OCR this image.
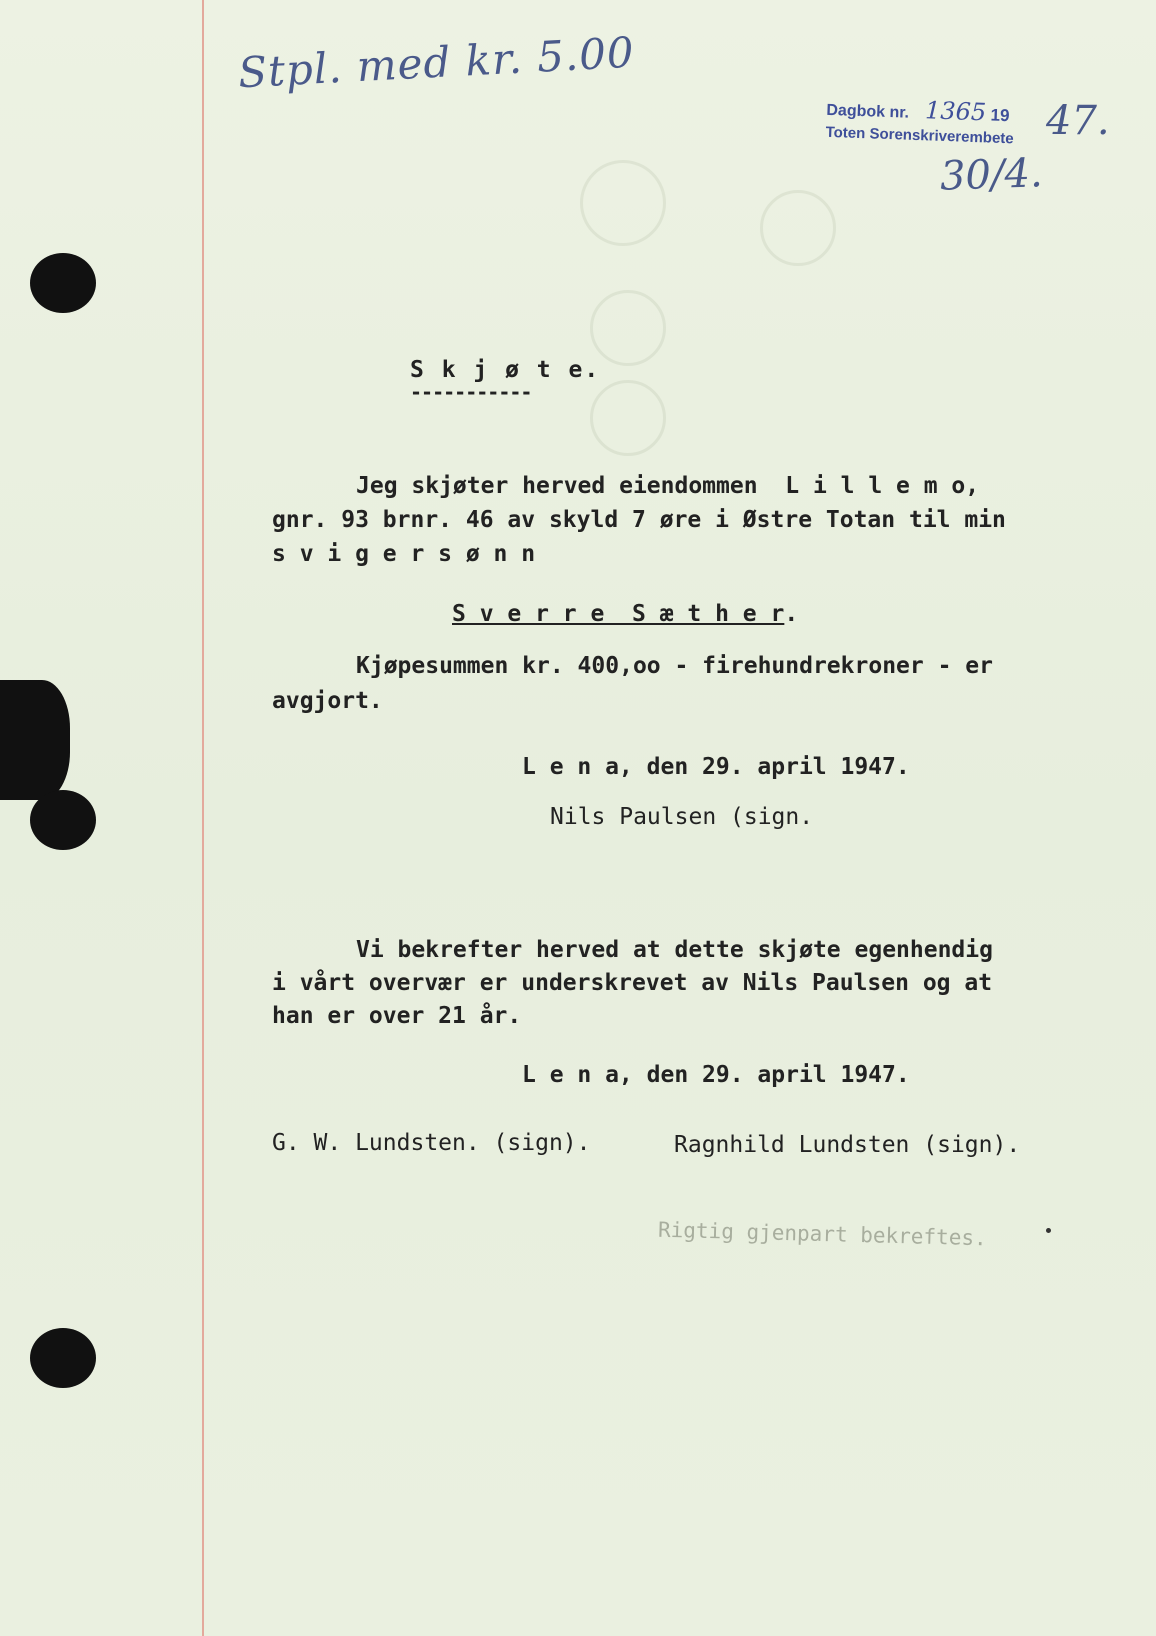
Stpl. med kr. 5.00
Dagbok nr. 1365 19
Toten Sorenskriverembete 47.
30/4.
S k j ø t e.
-----------
Jeg skjøter herved eiendommen  L i l l e m o,
gnr. 93 brnr. 46 av skyld 7 øre i Østre Totan til min
s v i g e r s ø n n
S v e r r e  S æ t h e r.
Kjøpesummen kr. 400,oo - firehundrekroner - er
avgjort.
L e n a, den 29. april 1947.
Nils Paulsen (sign.
Vi bekrefter herved at dette skjøte egenhendig
i vårt overvær er underskrevet av Nils Paulsen og at
han er over 21 år.
L e n a, den 29. april 1947.
G. W. Lundsten. (sign).	Ragnhild Lundsten (sign).
Rigtig gjenpart bekreftes.
